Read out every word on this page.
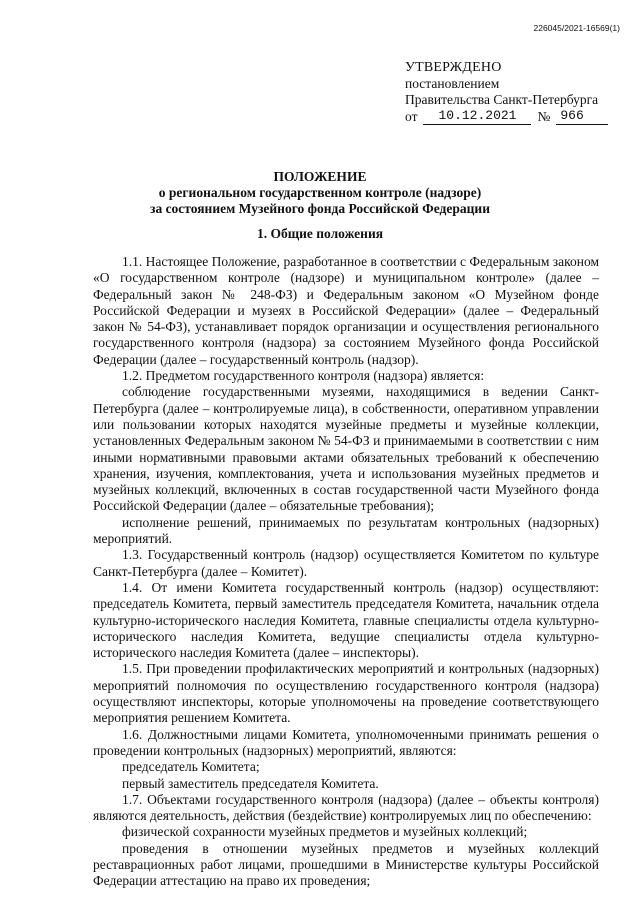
226045/2021-16569(1)
УТВЕРЖДЕНО
постановлением
Правительства Санкт-Петербурга
от	10.12.2021	№ 966
ПОЛОЖЕНИЕ
о региональном государственном контроле (надзоре)
за состоянием Музейного фонда Российской Федерации
1. Общие положения

1.1. Настоящее Положение, разработанное в соответствии с Федеральным законом «О государственном контроле (надзоре) и муниципальном контроле» (далее – Федеральный закон № 248-ФЗ) и Федеральным законом «О Музейном фонде Российской Федерации и музеях в Российской Федерации» (далее – Федеральный закон № 54-ФЗ), устанавливает порядок организации и осуществления регионального государственного контроля (надзора) за состоянием Музейного фонда Российской Федерации (далее – государственный контроль (надзор).

1.2. Предметом государственного контроля (надзора) является:

соблюдение государственными музеями, находящимися в ведении Санкт-Петербурга (далее – контролируемые лица), в собственности, оперативном управлении или пользовании которых находятся музейные предметы и музейные коллекции, установленных Федеральным законом № 54-ФЗ и принимаемыми в соответствии с ним иными нормативными правовыми актами обязательных требований к обеспечению хранения, изучения, комплектования, учета и использования музейных предметов и музейных коллекций, включенных в состав государственной части Музейного фонда Российской Федерации (далее – обязательные требования);

исполнение решений, принимаемых по результатам контрольных (надзорных) мероприятий.

1.3. Государственный контроль (надзор) осуществляется Комитетом по культуре Санкт-Петербурга (далее – Комитет).

1.4. От имени Комитета государственный контроль (надзор) осуществляют: председатель Комитета, первый заместитель председателя Комитета, начальник отдела культурно-исторического наследия Комитета, главные специалисты отдела культурно-исторического наследия Комитета, ведущие специалисты отдела культурно-исторического наследия Комитета (далее – инспекторы).

1.5. При проведении профилактических мероприятий и контрольных (надзорных) мероприятий полномочия по осуществлению государственного контроля (надзора) осуществляют инспекторы, которые уполномочены на проведение соответствующего мероприятия решением Комитета.

1.6. Должностными лицами Комитета, уполномоченными принимать решения о проведении контрольных (надзорных) мероприятий, являются:

председатель Комитета;

первый заместитель председателя Комитета.

1.7. Объектами государственного контроля (надзора) (далее – объекты контроля) являются деятельность, действия (бездействие) контролируемых лиц по обеспечению:

физической сохранности музейных предметов и музейных коллекций;

проведения в отношении музейных предметов и музейных коллекций реставрационных работ лицами, прошедшими в Министерстве культуры Российской Федерации аттестацию на право их проведения;
